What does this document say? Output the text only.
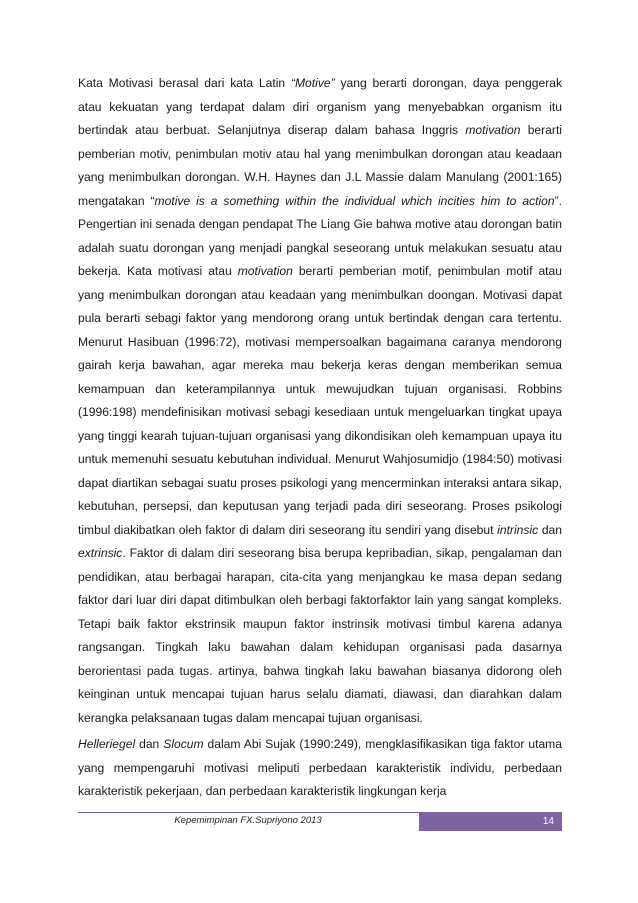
Kata Motivasi berasal dari kata Latin “Motive” yang berarti dorongan, daya penggerak atau kekuatan yang terdapat dalam diri organism yang menyebabkan organism itu bertindak atau berbuat. Selanjutnya diserap dalam bahasa Inggris motivation berarti pemberian motiv, penimbulan motiv atau hal yang menimbulkan dorongan atau keadaan yang menimbulkan dorongan. W.H. Haynes dan J.L Massie dalam Manulang (2001:165) mengatakan “motive is a something within the individual which incities him to action”. Pengertian ini senada dengan pendapat The Liang Gie bahwa motive atau dorongan batin adalah suatu dorongan yang menjadi pangkal seseorang untuk melakukan sesuatu atau bekerja. Kata motivasi atau motivation berarti pemberian motif, penimbulan motif atau yang menimbulkan dorongan atau keadaan yang menimbulkan doongan. Motivasi dapat pula berarti sebagi faktor yang mendorong orang untuk bertindak dengan cara tertentu. Menurut Hasibuan (1996:72), motivasi mempersoalkan bagaimana caranya mendorong gairah kerja bawahan, agar mereka mau bekerja keras dengan memberikan semua kemampuan dan keterampilannya untuk mewujudkan tujuan organisasi. Robbins (1996:198) mendefinisikan motivasi sebagi kesediaan untuk mengeluarkan tingkat upaya yang tinggi kearah tujuan-tujuan organisasi yang dikondisikan oleh kemampuan upaya itu untuk memenuhi sesuatu kebutuhan individual. Menurut Wahjosumidjo (1984:50) motivasi dapat diartikan sebagai suatu proses psikologi yang mencerminkan interaksi antara sikap, kebutuhan, persepsi, dan keputusan yang terjadi pada diri seseorang. Proses psikologi timbul diakibatkan oleh faktor di dalam diri seseorang itu sendiri yang disebut intrinsic dan extrinsic. Faktor di dalam diri seseorang bisa berupa kepribadian, sikap, pengalaman dan pendidikan, atau berbagai harapan, cita-cita yang menjangkau ke masa depan sedang faktor dari luar diri dapat ditimbulkan oleh berbagi faktorfaktor lain yang sangat kompleks. Tetapi baik faktor ekstrinsik maupun faktor instrinsik motivasi timbul karena adanya rangsangan. Tingkah laku bawahan dalam kehidupan organisasi pada dasarnya berorientasi pada tugas. artinya, bahwa tingkah laku bawahan biasanya didorong oleh keinginan untuk mencapai tujuan harus selalu diamati, diawasi, dan diarahkan dalam kerangka pelaksanaan tugas dalam mencapai tujuan organisasi.

Helleriegel dan Slocum dalam Abi Sujak (1990:249), mengklasifikasikan tiga faktor utama yang mempengaruhi motivasi meliputi perbedaan karakteristik individu, perbedaan karakteristik pekerjaan, dan perbedaan karakteristik lingkungan kerja

Kepemimpinan FX.Supriyono 2013	14
